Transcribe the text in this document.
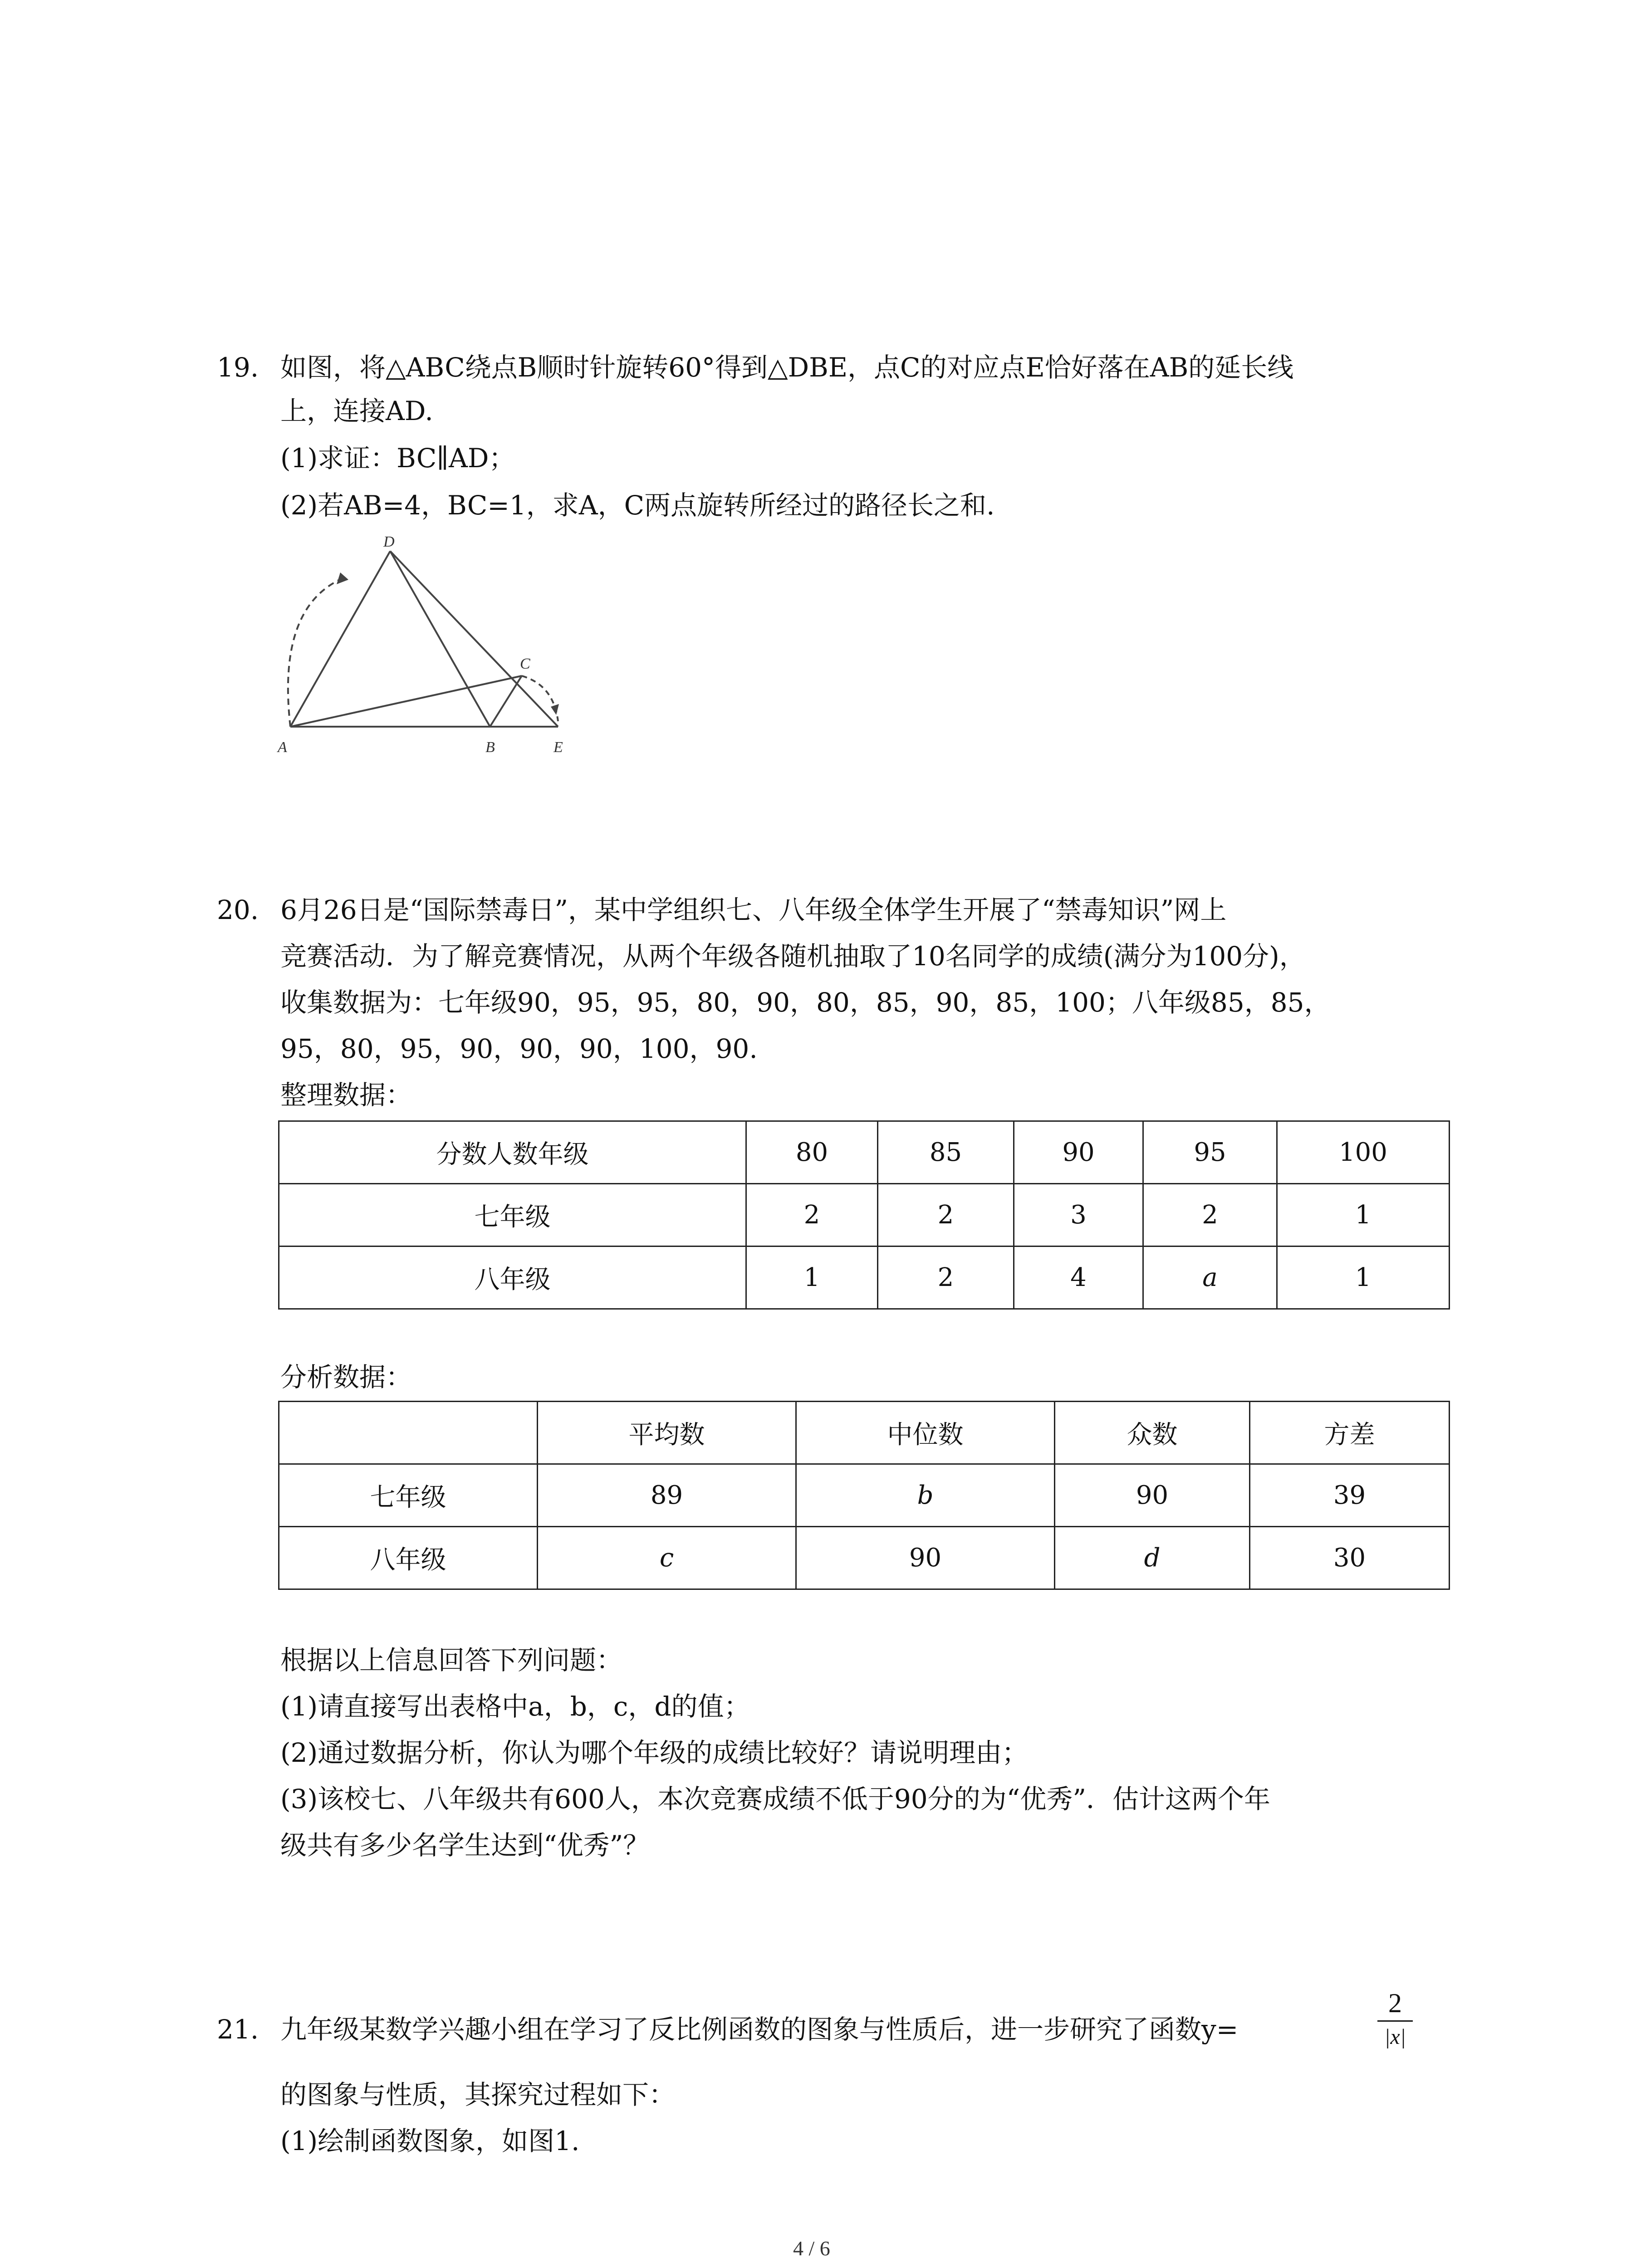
19. 如图，将△ABC绕点B顺时针旋转60°得到△DBE，点C的对应点E恰好落在AB的延长线
上，连接AD.
(1)求证：BC∥AD；
(2)若AB=4，BC=1，求A，C两点旋转所经过的路径长之和.
D
C
A	B	E
20. 6月26日是“国际禁毒日”，某中学组织七、八年级全体学生开展了“禁毒知识”网上
竞赛活动．为了解竞赛情况，从两个年级各随机抽取了10名同学的成绩(满分为100分)，
收集数据为：七年级90，95，95，80，90，80，85，90，85，100；八年级85，85，
95，80，95，90，90，90，100，90.
整理数据：
分数人数年级	80	85	90	95	100
七年级	2	2	3	2	1
八年级	1	2	4	a	1
分析数据：
	平均数	中位数	众数	方差
七年级	89	b	90	39
八年级	c	90	d	30
根据以上信息回答下列问题：
(1)请直接写出表格中a，b，c，d的值；
(2)通过数据分析，你认为哪个年级的成绩比较好？请说明理由；
(3)该校七、八年级共有600人，本次竞赛成绩不低于90分的为“优秀”．估计这两个年
级共有多少名学生达到“优秀”？
21. 九年级某数学兴趣小组在学习了反比例函数的图象与性质后，进一步研究了函数y=
2
|x|
的图象与性质，其探究过程如下：
(1)绘制函数图象，如图1.
4 / 6
